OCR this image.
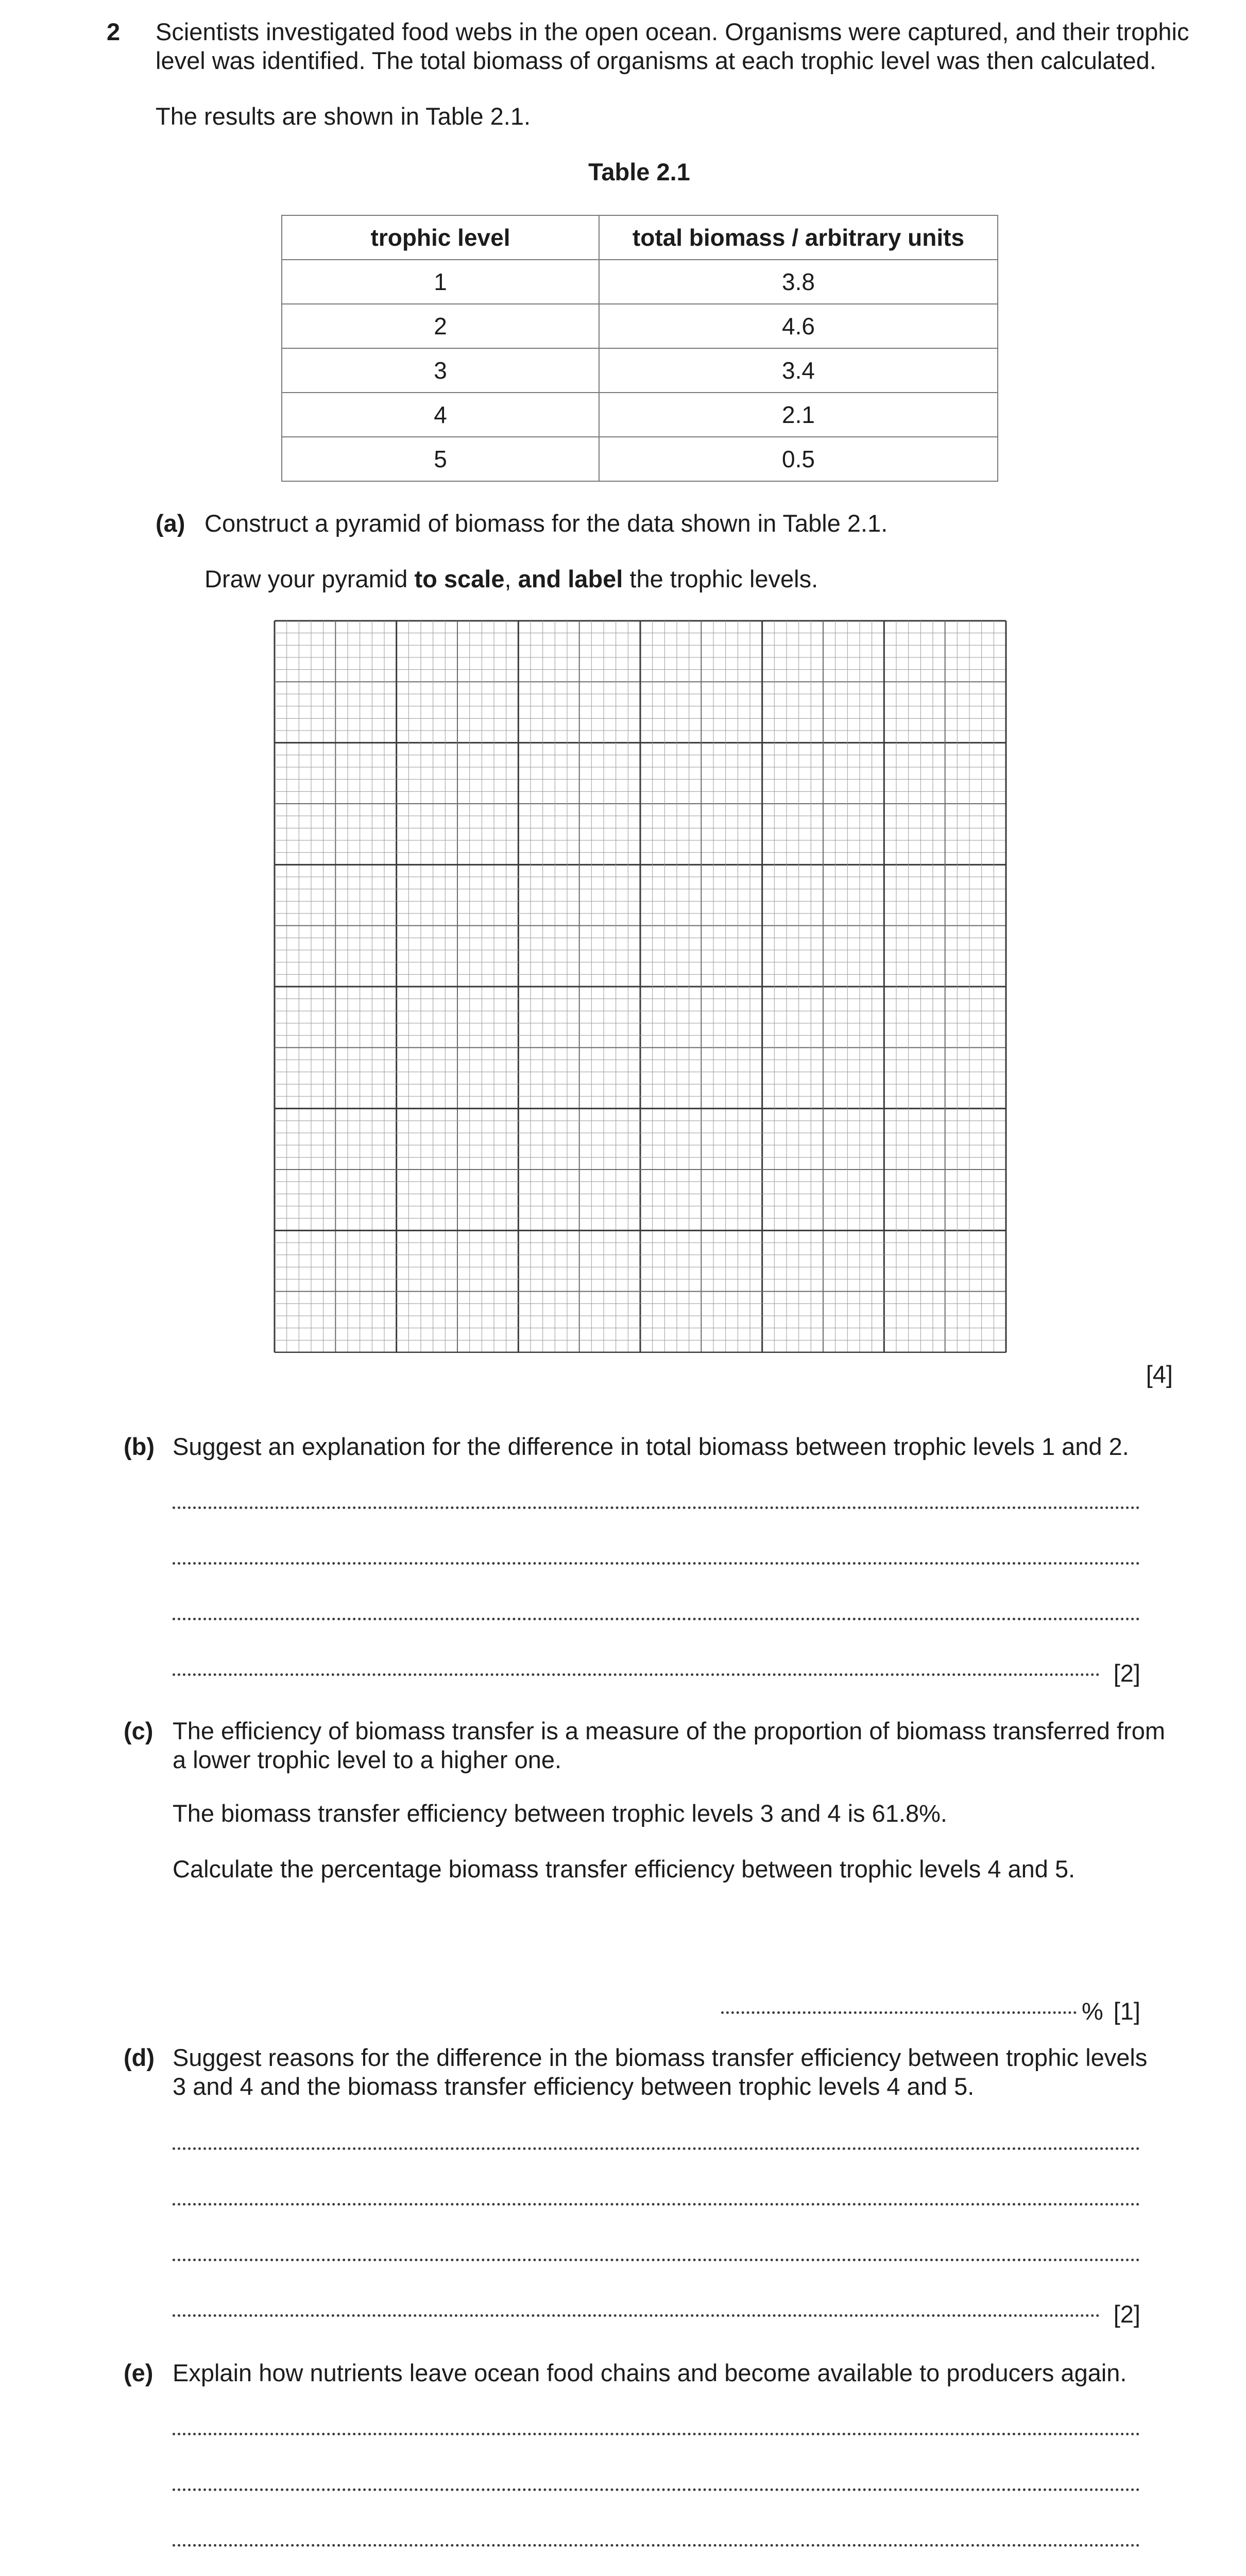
2 Scientists investigated food webs in the open ocean. Organisms were captured, and their trophic level was identified. The total biomass of organisms at each trophic level was then calculated.

The results are shown in Table 2.1.

Table 2.1
trophic level	total biomass / arbitrary units
1	3.8
2	4.6
3	3.4
4	2.1
5	0.5
(a) Construct a pyramid of biomass for the data shown in Table 2.1.

Draw your pyramid to scale, and label the trophic levels.

[4]
(b) Suggest an explanation for the difference in total biomass between trophic levels 1 and 2.

[2]
(c) The efficiency of biomass transfer is a measure of the proportion of biomass transferred from a lower trophic level to a higher one.

The biomass transfer efficiency between trophic levels 3 and 4 is 61.8%.

Calculate the percentage biomass transfer efficiency between trophic levels 4 and 5.

% [1]
(d) Suggest reasons for the difference in the biomass transfer efficiency between trophic levels 3 and 4 and the biomass transfer efficiency between trophic levels 4 and 5.

[2]
(e) Explain how nutrients leave ocean food chains and become available to producers again.
